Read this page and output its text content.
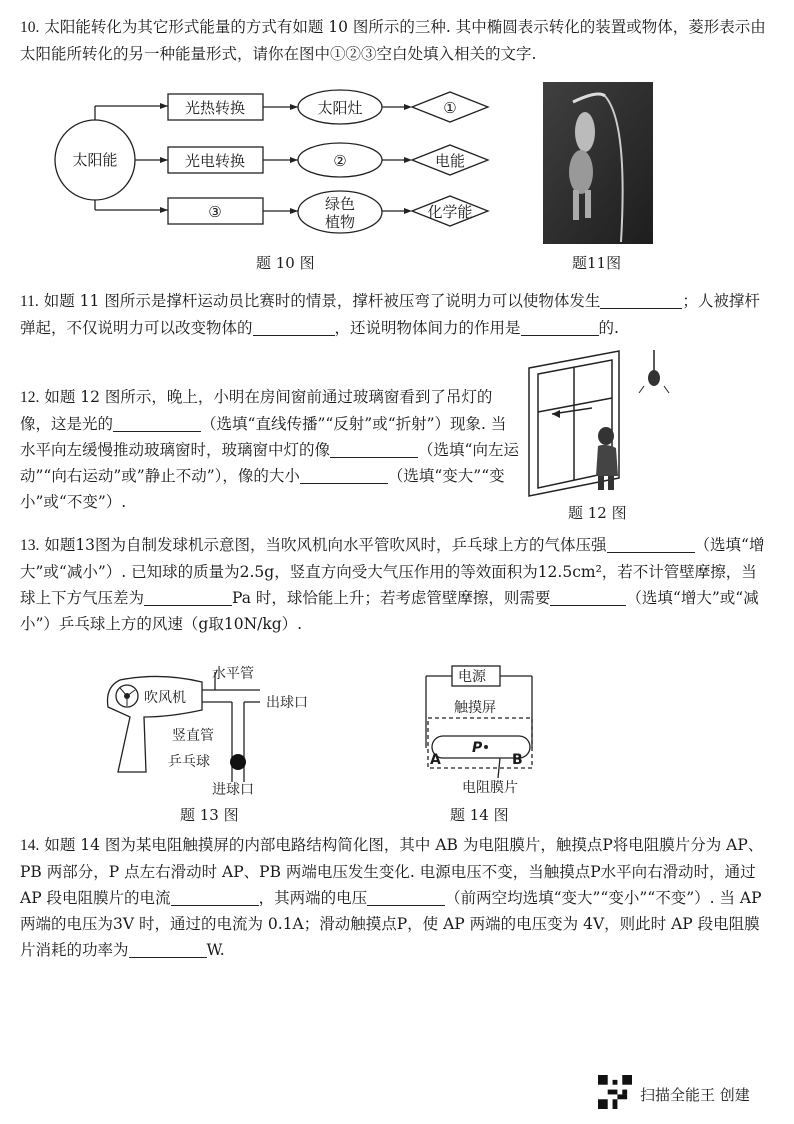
10. 太阳能转化为其它形式能量的方式有如题 10 图所示的三种. 其中椭圆表示转化的装置或物体，菱形表示由太阳能所转化的另一种能量形式，请你在图中①②③空白处填入相关的文字.
太阳能
光热转换
光电转换
③
太阳灶
②
绿色
植物
①
电能
化学能
题 10 图	题11图
11. 如题 11 图所示是撑杆运动员比赛时的情景，撑杆被压弯了说明力可以使物体发生	；人被撑杆弹起，不仅说明力可以改变物体的	，还说明物体间力的作用是	的.
12. 如题 12 图所示，晚上，小明在房间窗前通过玻璃窗看到了吊灯的像，这是光的	（选填“直线传播”“反射”或“折射”）现象. 当水平向左缓慢推动玻璃窗时，玻璃窗中灯的像	（选填“向左运动”“向右运动”或”静止不动”），像的大小	（选填“变大”“变小”或“不变”）.
题 12 图
13. 如题13图为自制发球机示意图，当吹风机向水平管吹风时，乒乓球上方的气体压强	（选填“增大”或“减小”）. 已知球的质量为2.5g，竖直方向受大气压作用的等效面积为12.5cm²，若不计管壁摩擦，当球上下方气压差为	Pa 时，球恰能上升；若考虑管壁摩擦，则需要	（选填“增大”或“减小”）乒乓球上方的风速（g取10N/kg）.
吹风机
水平管
出球口
竖直管
乒乓球
进球口
题 13 图
电源
触摸屏
P
A	B
电阻膜片
题 14 图
14. 如题 14 图为某电阻触摸屏的内部电路结构简化图，其中 AB 为电阻膜片，触摸点P将电阻膜片分为 AP、PB 两部分，P 点左右滑动时 AP、PB 两端电压发生变化. 电源电压不变，当触摸点P水平向右滑动时，通过 AP 段电阻膜片的电流	，其两端的电压	（前两空均选填“变大”“变小”“不变”）. 当 AP 两端的电压为3V 时，通过的电流为 0.1A；滑动触摸点P，使 AP 两端的电压变为 4V，则此时 AP 段电阻膜片消耗的功率为	W.
扫描全能王 创建
